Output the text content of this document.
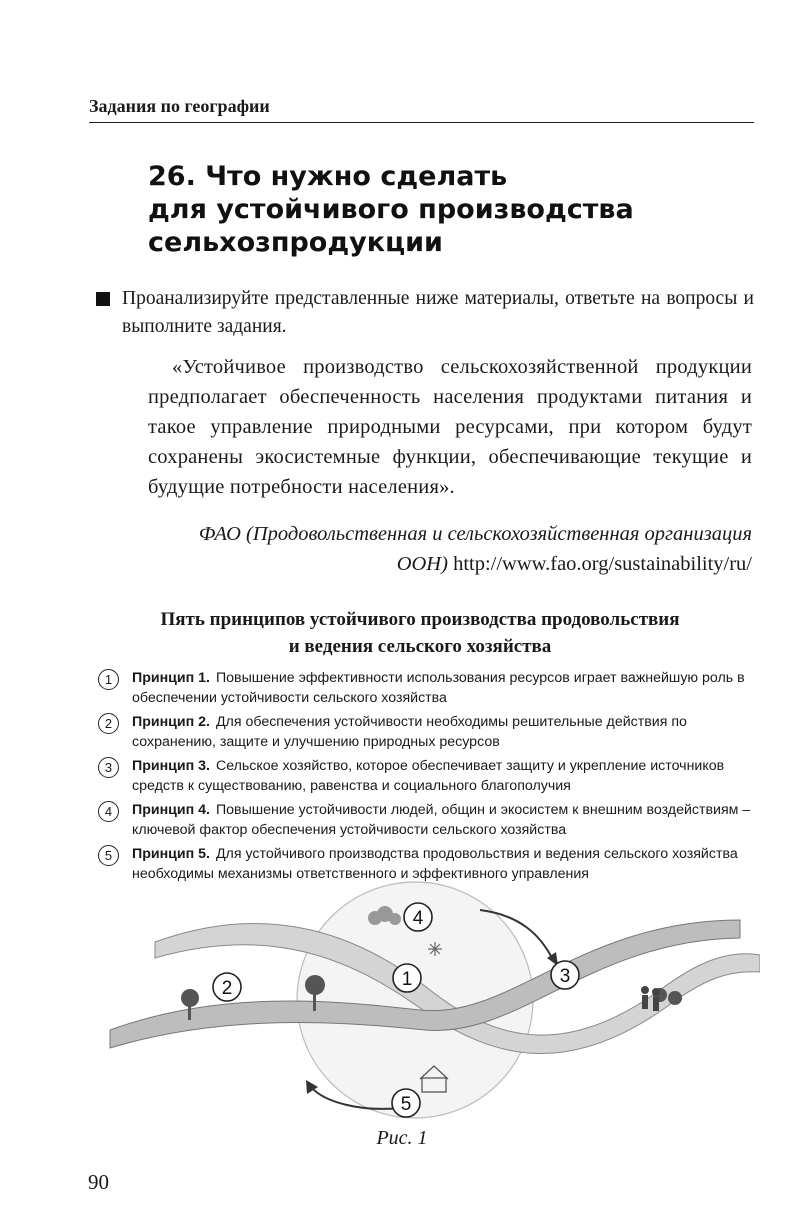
Задания по географии
26. Что нужно сделать
для устойчивого производства
сельхозпродукции

Проанализируйте представленные ниже материалы, ответьте на вопросы и выполните задания.

«Устойчивое производство сельскохозяйственной продукции предполагает обеспеченность населения продуктами питания и такое управление природными ресурсами, при котором будут сохранены экосистемные функции, обеспечивающие текущие и будущие потребности населения».

ФАО (Продовольственная и сельскохозяйственная организация ООН) http://www.fao.org/sustainability/ru/
Пять принципов устойчивого производства продовольствия
и ведения сельского хозяйства
1	Принцип 1. Повышение эффективности использования ресурсов играет важнейшую роль в обеспечении устойчивости сельского хозяйства
2	Принцип 2. Для обеспечения устойчивости необходимы решительные действия по сохранению, защите и улучшению природных ресурсов
3	Принцип 3. Сельское хозяйство, которое обеспечивает защиту и укрепление источников средств к существованию, равенства и социального благополучия
4	Принцип 4. Повышение устойчивости людей, общин и экосистем к внешним воздействиям – ключевой фактор обеспечения устойчивости сельского хозяйства
5	Принцип 5. Для устойчивого производства продовольствия и ведения сельского хозяйства необходимы механизмы ответственного и эффективного управления
1
2
3
4
5
Рис. 1
90
